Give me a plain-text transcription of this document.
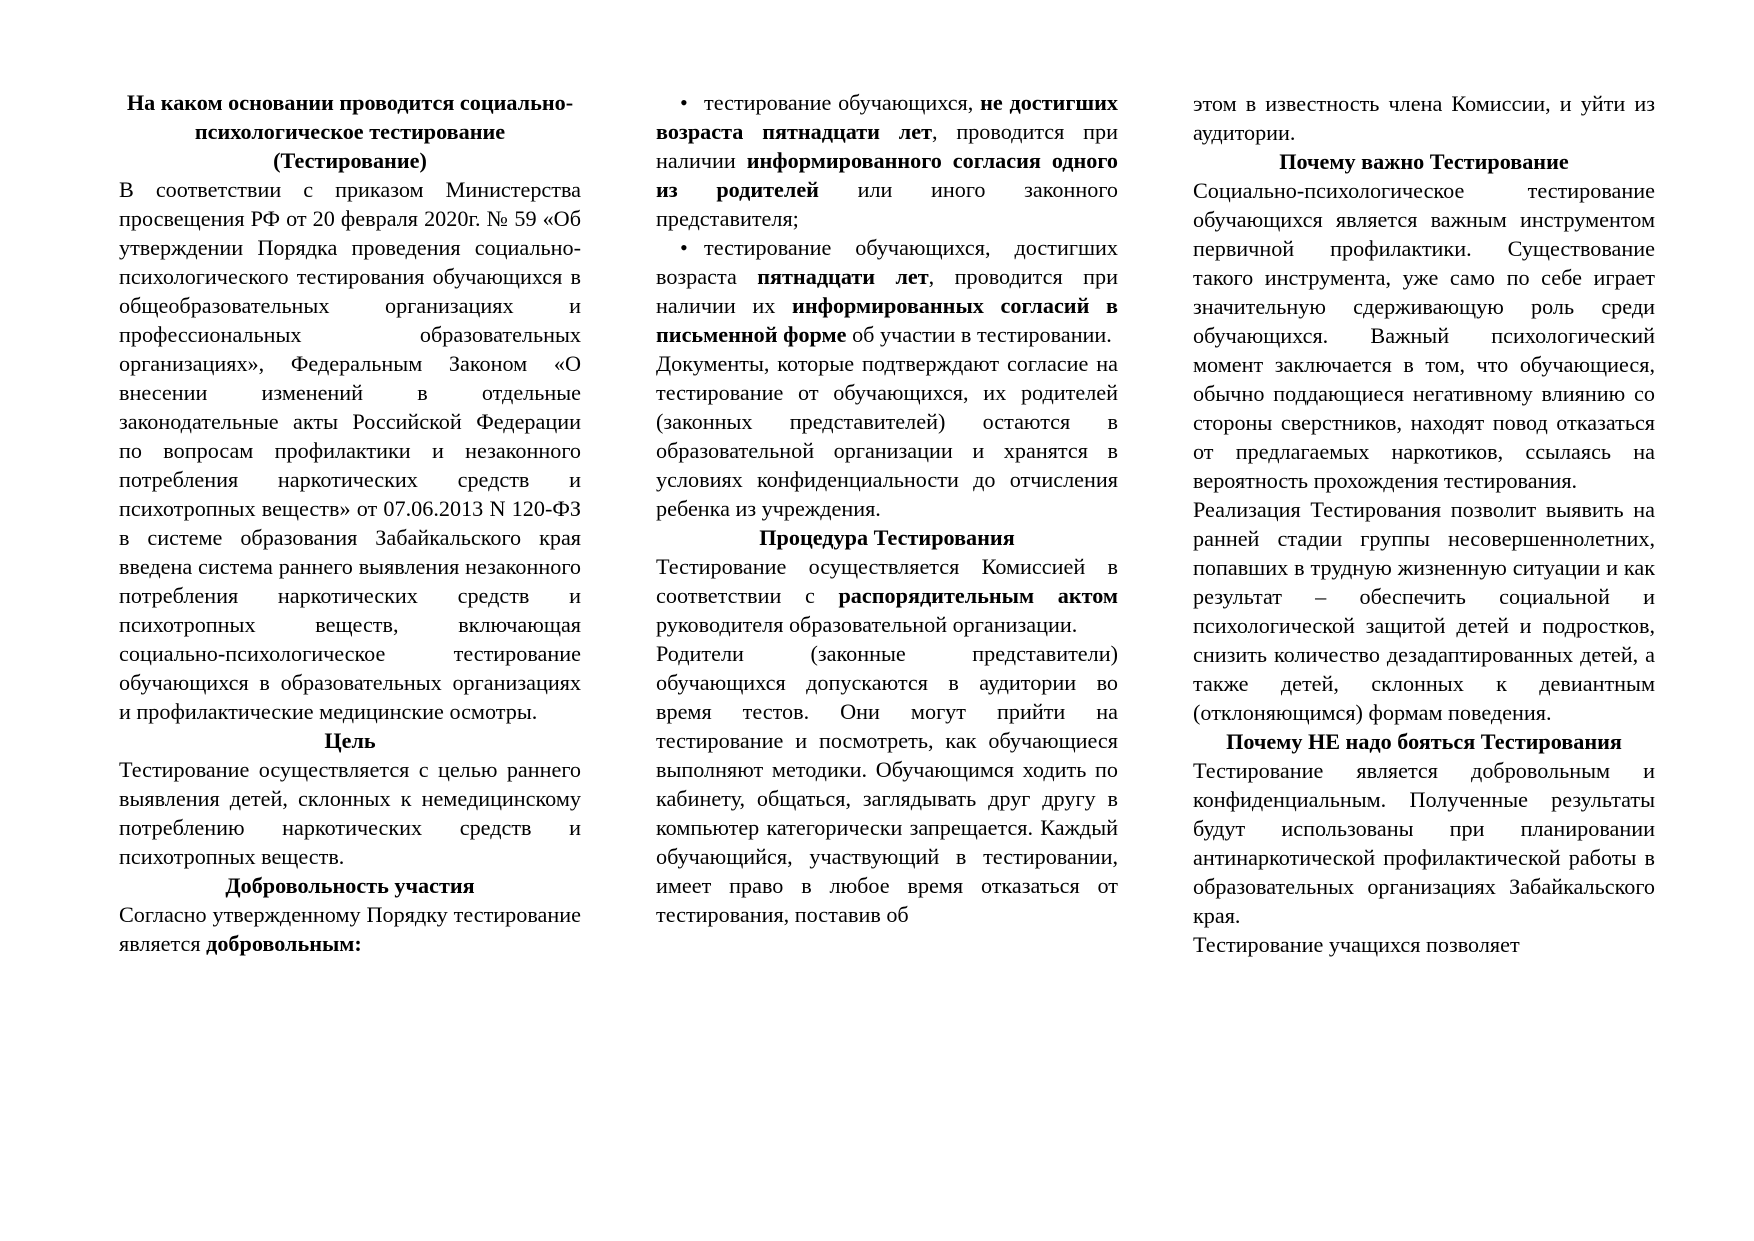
На каком основании проводится социально-психологическое тестирование (Тестирование)

В соответствии с приказом Министерства просвещения РФ от 20 февраля 2020г. № 59 «Об утверждении Порядка проведения социально-психологического тестирования обучающихся в общеобразовательных организациях и профессиональных образовательных организациях», Федеральным Законом «О внесении изменений в отдельные законодательные акты Российской Федерации по вопросам профилактики и незаконного потребления наркотических средств и психотропных веществ» от 07.06.2013 N 120-ФЗ в системе образования Забайкальского края введена система раннего выявления незаконного потребления наркотических средств и психотропных веществ, включающая социально-психологическое тестирование обучающихся в образовательных организациях и профилактические медицинские осмотры.

Цель

Тестирование осуществляется с целью раннего выявления детей, склонных к немедицинскому потреблению наркотических средств и психотропных веществ.

Добровольность участия

Согласно утвержденному Порядку тестирование является добровольным:

тестирование обучающихся, не достигших возраста пятнадцати лет, проводится при наличии информированного согласия одного из родителей или иного законного представителя;
тестирование обучающихся, достигших возраста пятнадцати лет, проводится при наличии их информированных согласий в письменной форме об участии в тестировании.

Документы, которые подтверждают согласие на тестирование от обучающихся, их родителей (законных представителей) остаются в образовательной организации и хранятся в условиях конфиденциальности до отчисления ребенка из учреждения.

Процедура Тестирования

Тестирование осуществляется Комиссией в соответствии с распорядительным актом руководителя образовательной организации.

Родители (законные представители) обучающихся допускаются в аудитории во время тестов. Они могут прийти на тестирование и посмотреть, как обучающиеся выполняют методики. Обучающимся ходить по кабинету, общаться, заглядывать друг другу в компьютер категорически запрещается. Каждый обучающийся, участвующий в тестировании, имеет право в любое время отказаться от тестирования, поставив об

этом в известность члена Комиссии, и уйти из аудитории.

Почему важно Тестирование

Социально-психологическое тестирование обучающихся является важным инструментом первичной профилактики. Существование такого инструмента, уже само по себе играет значительную сдерживающую роль среди обучающихся. Важный психологический момент заключается в том, что обучающиеся, обычно поддающиеся негативному влиянию со стороны сверстников, находят повод отказаться от предлагаемых наркотиков, ссылаясь на вероятность прохождения тестирования.

Реализация Тестирования позволит выявить на ранней стадии группы несовершеннолетних, попавших в трудную жизненную ситуации и как результат – обеспечить социальной и психологической защитой детей и подростков, снизить количество дезадаптированных детей, а также детей, склонных к девиантным (отклоняющимся) формам поведения.

Почему НЕ надо бояться Тестирования

Тестирование является добровольным и конфиденциальным. Полученные результаты будут использованы при планировании антинаркотической профилактической работы в образовательных организациях Забайкальского края.

Тестирование учащихся позволяет
